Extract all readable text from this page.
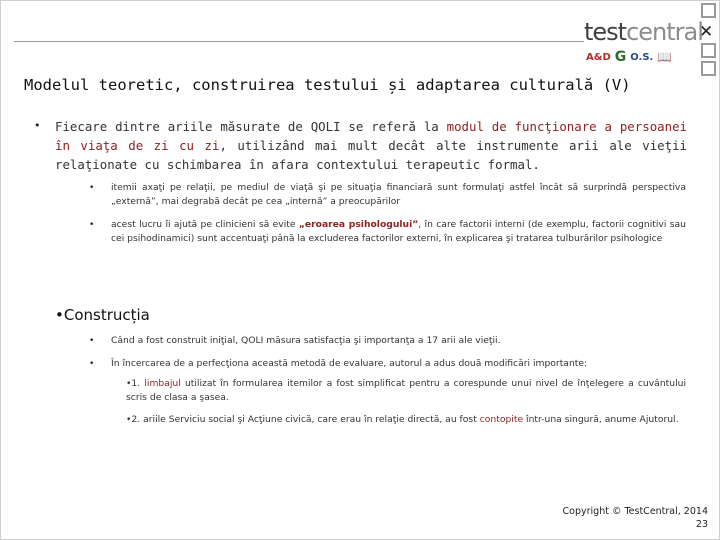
✕
testcentral
A&D G O.S. 📖
Modelul teoretic, construirea testului și adaptarea culturală (V)
• Fiecare dintre ariile măsurate de QOLI se referă la modul de funcţionare a persoanei în viaţa de zi cu zi, utilizând mai mult decât alte instrumente arii ale vieţii relaţionate cu schimbarea în afara contextului terapeutic formal.
• itemii axaţi pe relaţii, pe mediul de viaţă şi pe situaţia financiară sunt formulaţi astfel încât să surprindă perspectiva „externă”, mai degrabă decât pe cea „internă” a preocupărilor
• acest lucru îi ajută pe clinicieni să evite „eroarea psihologului”, în care factorii interni (de exemplu, factorii cognitivi sau cei psihodinamici) sunt accentuaţi până la excluderea factorilor externi, în explicarea şi tratarea tulburărilor psihologice
•Construcția
• Când a fost construit iniţial, QOLI măsura satisfacţia şi importanţa a 17 arii ale vieţii.
• În încercarea de a perfecţiona această metodă de evaluare, autorul a adus două modificări importante:
•1. limbajul utilizat în formularea itemilor a fost simplificat pentru a corespunde unui nivel de înţelegere a cuvântului scris de clasa a şasea.
•2. ariile Serviciu social şi Acţiune civică, care erau în relaţie directă, au fost contopite într-una singură, anume Ajutorul.
Copyright © TestCentral, 2014
23
